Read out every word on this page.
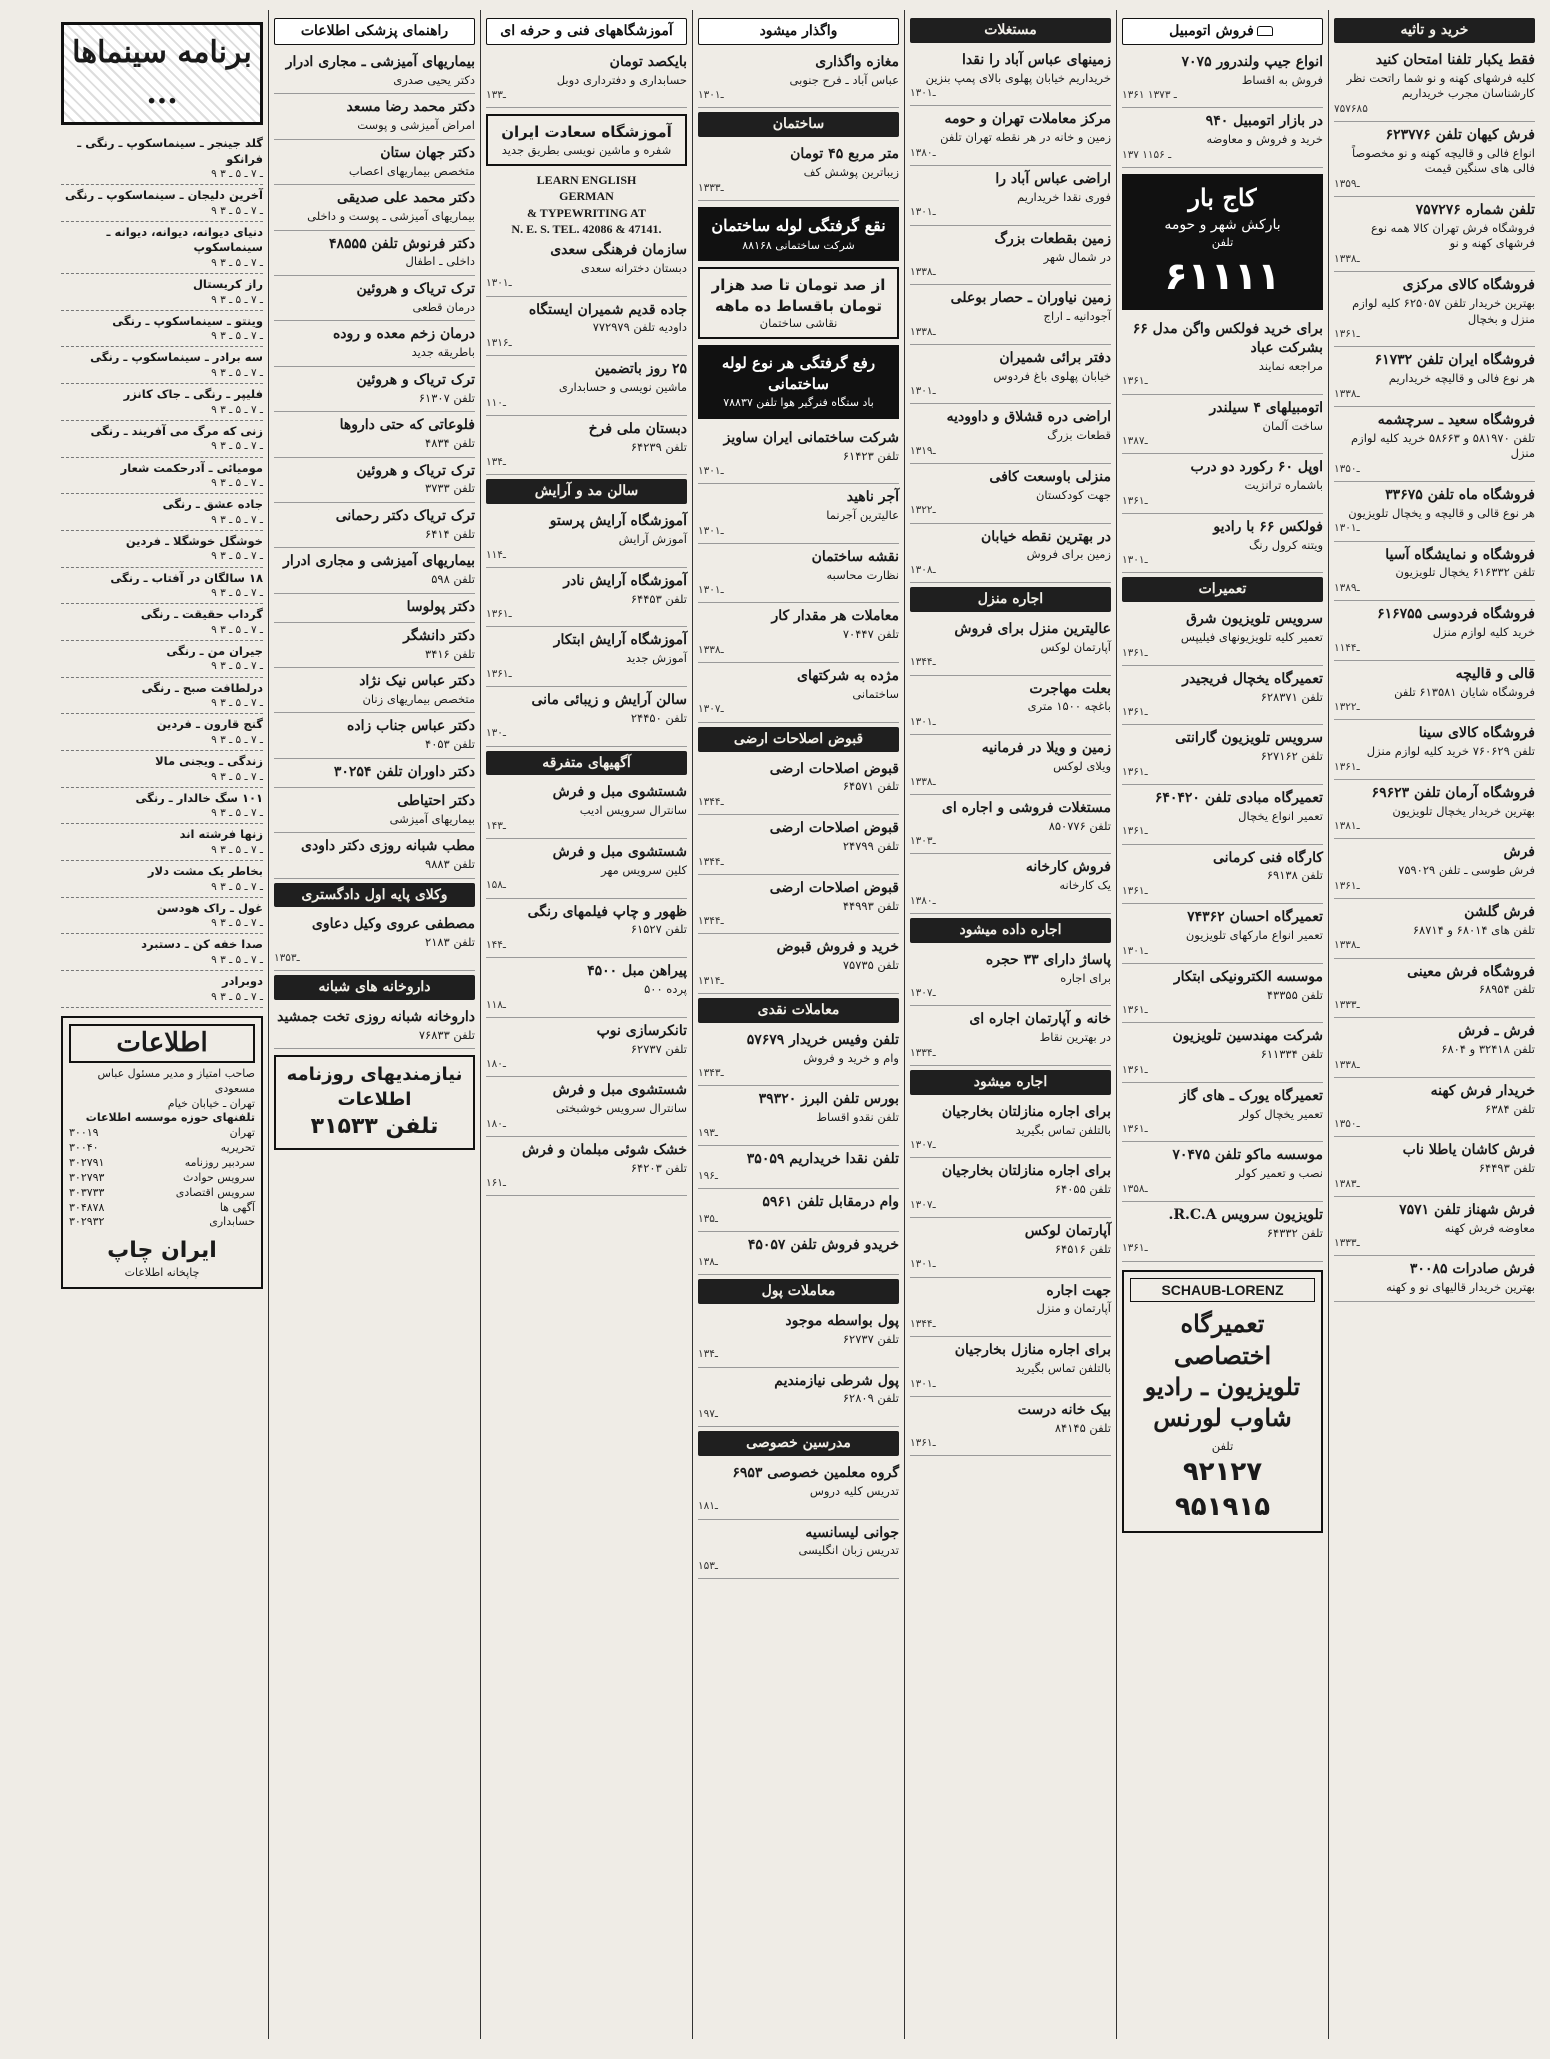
خرید و تاثیه
فقط یکبار تلفنا امتحان کنید
کلیه فرشهای کهنه و نو شما راتحت نظر کارشناسان مجرب خریداریم
۷۵۷۶۸۵
فرش کیهان تلفن ۶۲۳۷۷۶
انواع فالی و قالیچه کهنه و نو مخصوصاً فالی های سنگین قیمت
۱ـ۳۵۹
تلفن شماره ۷۵۷۲۷۶
فروشگاه فرش تهران کالا همه نوع فرشهای کهنه و نو
۱ـ۳۳۸
فروشگاه کالای مرکزی
بهترین خریدار تلفن ۶۲۵۰۵۷ کلیه لوازم منزل و بخچال
۱ـ۳۶۱
فروشگاه ایران تلفن ۶۱۷۳۲
هر نوع فالی و قالیچه خریداریم
۱ـ۳۳۸
فروشگاه سعید ـ سرچشمه
تلفن ۵۸۱۹۷۰ و ۵۸۶۶۳ خرید کلیه لوازم منزل
۱ـ۳۵۰
فروشگاه ماه تلفن ۳۳۶۷۵
هر نوع قالی و قالیچه و یخچال تلویزیون
۱ـ۳۰۱
فروشگاه و نمایشگاه آسیا
تلفن ۶۱۶۳۳۲ یخچال تلویزیون
۱ـ۳۸۹
فروشگاه فردوسی ۶۱۶۷۵۵
خرید کلیه لوازم منزل
۱ـ۱۴۴
قالی و قالیچه
فروشگاه شایان ۶۱۳۵۸۱ تلفن
۱ـ۳۲۲
فروشگاه کالای سینا
تلفن ۷۶۰۶۲۹ خرید کلیه لوازم منزل
۱ـ۳۶۱
فروشگاه آرمان تلفن ۶۹۶۲۳
بهترین خریدار یخچال تلویزیون
۱ـ۳۸۱
فرش
فرش طوسی ـ تلفن ۷۵۹۰۲۹
۱ـ۳۶۱
فرش گلشن
تلفن های ۶۸۰۱۴ و ۶۸۷۱۴
۱ـ۳۳۸
فروشگاه فرش معینی
تلفن ۶۸۹۵۴
۱ـ۳۳۳
فرش ـ فرش
تلفن ۳۲۴۱۸ و ۶۸۰۴
۱ـ۳۳۸
خریدار فرش کهنه
تلفن ۶۳۸۴
۱ـ۳۵۰
فرش کاشان یاطلا ناب
تلفن ۶۴۴۹۳
۱ـ۳۸۳
فرش شهناز تلفن ۷۵۷۱
معاوضه فرش کهنه
۱ـ۳۳۳
فرش صادرات ۳۰۰۸۵
بهترین خریدار قالیهای نو و کهنه
فروش اتومبیل
انواع جیپ ولندرور ۷۰۷۵
فروش به اقساط
۱۳۶۱ ـ ۱۳۷۳
در بازار اتومبیل ۹۴۰
خرید و فروش و معاوضه
۱۳۷ ـ ۱۱۵۶
کاج بار
بارکش شهر و حومه
تلفن
۶۱۱۱۱
برای خرید فولکس واگن مدل ۶۶ بشرکت عباد
مراجعه نمایند
۱ـ۳۶۱
اتومبیلهای ۴ سیلندر
ساخت آلمان
۱ـ۳۸۷
اوپل ۶۰ رکورد دو درب
باشماره ترانزیت
۱ـ۳۶۱
فولکس ۶۶ با رادیو
ویتنه کرول رنگ
۱ـ۳۰۱
تعمیرات
سرویس تلویزیون شرق
تعمیر کلیه تلویزیونهای فیلیپس
۱ـ۳۶۱
تعمیرگاه یخچال فریجیدر
تلفن ۶۲۸۳۷۱
۱ـ۳۶۱
سرویس تلویزیون گارانتی
تلفن ۶۲۷۱۶۲
۱ـ۳۶۱
تعمیرگاه مبادی تلفن ۶۴۰۴۲۰
تعمیر انواع یخچال
۱ـ۳۶۱
کارگاه فنی کرمانی
تلفن ۶۹۱۳۸
۱ـ۳۶۱
تعمیرگاه احسان ۷۴۳۶۲
تعمیر انواع مارکهای تلویزیون
۱ـ۳۰۱
موسسه الکترونیکی ابتکار
تلفن ۴۳۳۵۵
۱ـ۳۶۱
شرکت مهندسین تلویزیون
تلفن ۶۱۱۳۳۴
۱ـ۳۶۱
تعمیرگاه یورک ـ های گاز
تعمیر یخچال کولر
۱ـ۳۶۱
موسسه ماکو تلفن ۷۰۴۷۵
نصب و تعمیر کولر
۱ـ۳۵۸
تلویزیون سرویس R.C.A.
تلفن ۶۴۳۳۲
۱ـ۳۶۱
SCHAUB-LORENZ
تعمیرگاه اختصاصی تلویزیون ـ رادیو شاوب لورنس
تلفن
۹۲۱۲۷
۹۵۱۹۱۵
مستغلات
زمینهای عباس آباد را نقدا
خریداریم خیابان پهلوی بالای پمپ بنزین
۱ـ۳۰۱
مرکز معاملات تهران و حومه
زمین و خانه در هر نقطه تهران تلفن
۱ـ۳۸۰
اراضی عباس آباد را
فوری نقدا خریداریم
۱ـ۳۰۱
زمین بقطعات بزرگ
در شمال شهر
۱ـ۳۳۸
زمین نیاوران ـ حصار بوعلی
آجودانیه ـ اراج
۱ـ۳۳۸
دفتر برائی شمیران
خیابان پهلوی باغ فردوس
۱ـ۳۰۱
اراضی دره قشلاق و داوودیه
قطعات بزرگ
۱ـ۳۱۹
منزلی باوسعت کافی
جهت کودکستان
۱ـ۳۲۲
در بهترین نقطه خیابان
زمین برای فروش
۱ـ۳۰۸
اجاره منزل
عالیترین منزل برای فروش
آپارتمان لوکس
۱ـ۳۴۴
بعلت مهاجرت
باغچه ۱۵۰۰ متری
۱ـ۳۰۱
زمین و ویلا در فرمانیه
ویلای لوکس
۱ـ۳۳۸
مستغلات فروشی و اجاره ای
تلفن ۸۵۰۷۷۶
۱ـ۳۰۳
فروش کارخانه
یک کارخانه
۱ـ۳۸۰
اجاره داده میشود
پاساژ دارای ۳۳ حجره
برای اجاره
۱ـ۳۰۷
خانه و آپارتمان اجاره ای
در بهترین نقاط
۱ـ۳۳۴
اجاره میشود
برای اجاره منازلتان بخارجیان
بالتلفن تماس بگیرید
۱ـ۳۰۷
برای اجاره منازلتان بخارجیان
تلفن ۶۴۰۵۵
۱ـ۳۰۷
آپارتمان لوکس
تلفن ۶۴۵۱۶
۱ـ۳۰۱
جهت اجاره
آپارتمان و منزل
۱ـ۳۴۴
برای اجاره منازل بخارجیان
بالتلفن تماس بگیرید
۱ـ۳۰۱
بیک خانه درست
تلفن ۸۴۱۴۵
۱ـ۳۶۱
واگذار میشود
مغازه واگذاری
عباس آباد ـ فرح جنوبی
۱ـ۳۰۱
ساختمان
متر مربع ۴۵ تومان
زیباترین پوشش کف
۱ـ۳۳۳
نقع گرفتگی لوله ساختمان
شرکت ساختمانی ۸۸۱۶۸
از صد تومان تا صد هزار تومان باقساط ده ماهه
نقاشی ساختمان
رفع گرفتگی هر نوع لوله ساختمانی
باد ستگاه فنرگیر هوا تلفن ۷۸۸۳۷
شرکت ساختمانی ایران ساویز
تلفن ۶۱۴۲۳
۱ـ۳۰۱
آجر ناهید
عالیترین آجرنما
۱ـ۳۰۱
نقشه ساختمان
نظارت محاسبه
۱ـ۳۰۱
معاملات هر مقدار کار
تلفن ۷۰۴۴۷
۱ـ۳۳۸
مژده به شرکتهای
ساختمانی
۱ـ۳۰۷
قبوض اصلاحات ارضی
قبوض اصلاحات ارضی
تلفن ۶۴۵۷۱
۱ـ۳۴۴
قبوض اصلاحات ارضی
تلفن ۲۴۷۹۹
۱ـ۳۴۴
قبوض اصلاحات ارضی
تلفن ۴۴۹۹۳
۱ـ۳۴۴
خرید و فروش قبوض
تلفن ۷۵۷۳۵
۱ـ۳۱۴
معاملات نقدی
تلفن وفیس خریدار ۵۷۶۷۹
وام و خرید و فروش
۱ـ۳۴۳
بورس تلفن البرز ۳۹۳۲۰
تلفن نقدو اقساط
۱ـ۹۳
تلفن نقدا خریداریم ۳۵۰۵۹
۱ـ۹۶
وام درمقابل تلفن ۵۹۶۱
۱ـ۳۵
خریدو فروش تلفن ۴۵۰۵۷
۱ـ۳۸
معاملات پول
پول بواسطه موجود
تلفن ۶۲۷۳۷
۱ـ۳۴
پول شرطی نیازمندیم
تلفن ۶۲۸۰۹
۱ـ۹۷
مدرسین خصوصی
گروه معلمین خصوصی ۶۹۵۳
تدریس کلیه دروس
۱ـ۸۱
جوانی لیسانسیه
تدریس زبان انگلیسی
۱ـ۵۳
آموزشگاههای فنی و حرفه ای
بایکصد تومان
حسابداری و دفترداری دوبل
۱ـ۳۳
آموزشگاه سعادت ایران
شفره و ماشین نویسی بطریق جدید
LEARN ENGLISH
GERMAN
& TYPEWRITING AT
N. E. S. TEL. 42086 & 47141.
سازمان فرهنگی سعدی
دبستان دخترانه سعدی
۱ـ۳۰۱
جاده قدیم شمیران ایستگاه
داودیه تلفن ۷۷۲۹۷۹
۱ـ۳۱۶
۲۵ روز باتضمین
ماشین نویسی و حسابداری
۱ـ۱۰
دبستان ملی فرخ
تلفن ۶۴۲۳۹
۱ـ۳۴
سالن مد و آرایش
آموزشگاه آرایش پرستو
آموزش آرایش
۱ـ۱۴
آموزشگاه آرایش نادر
تلفن ۶۴۴۵۳
۱ـ۳۶۱
آموزشگاه آرایش ابتکار
آموزش جدید
۱ـ۳۶۱
سالن آرایش و زیبائی مانی
تلفن ۲۴۴۵۰
۱ـ۳۰
آگهیهای متفرقه
شستشوی مبل و فرش
سانترال سرویس ادیب
۱ـ۴۳
شستشوی مبل و فرش
کلین سرویس مهر
۱ـ۵۸
ظهور و چاپ فیلمهای رنگی
تلفن ۶۱۵۲۷
۱ـ۴۴
پیراهن مبل ۴۵۰۰
پرده ۵۰۰
۱ـ۱۸
تانکرسازی نوپ
تلفن ۶۲۷۳۷
۱ـ۸۰
شستشوی مبل و فرش
سانترال سرویس خوشبختی
۱ـ۸۰
خشک شوئی مبلمان و فرش
تلفن ۶۴۲۰۳
۱ـ۶۱
راهنمای پزشکی اطلاعات
بیماریهای آمیزشی ـ مجاری ادرار
دکتر یحیی صدری
دکتر محمد رضا مسعد
امراض آمیزشی و پوست
دکتر جهان ستان
متخصص بیماریهای اعصاب
دکتر محمد علی صدیقی
بیماریهای آمیزشی ـ پوست و داخلی
دکتر فرنوش تلفن ۴۸۵۵۵
داخلی ـ اطفال
ترک تریاک و هروئین
درمان قطعی
درمان زخم معده و روده
باطریقه جدید
ترک تریاک و هروئین
تلفن ۶۱۳۰۷
فلوعاتی که حتی داروها
تلفن ۴۸۳۴
ترک تریاک و هروئین
تلفن ۳۷۳۳
ترک تریاک دکتر رحمانی
تلفن ۶۴۱۴
بیماریهای آمیزشی و مجاری ادرار
تلفن ۵۹۸
دکتر پولوسا
دکتر دانشگر
تلفن ۳۴۱۶
دکتر عباس نیک نژاد
متخصص بیماریهای زنان
دکتر عباس جناب زاده
تلفن ۴۰۵۳
دکتر داوران تلفن ۳۰۲۵۴
دکتر احتیاطی
بیماریهای آمیزشی
مطب شبانه روزی دکتر داودی
تلفن ۹۸۸۳
وکلای پایه اول دادگستری
مصطفی عروی وکیل دعاوی
تلفن ۲۱۸۳
۱ـ۳۵۳
داروخانه های شبانه
داروخانه شبانه روزی تخت جمشید
تلفن ۷۶۸۳۳
نیازمندیهای روزنامه اطلاعات
تلفن ۳۱۵۳۳
برنامه سینماها ...
گلد جینجر ـ سینماسکوپ ـ رنگی ـ فرانکو
۹ ـ ۷ ـ ۵ ـ ۳
آخرین دلیجان ـ سینماسکوپ ـ رنگی
۹ ـ ۷ ـ ۵ ـ ۳
دنیای دیوانه، دیوانه، دیوانه ـ سینماسکوپ
۹ ـ ۷ ـ ۵ ـ ۳
راز کریستال
۹ ـ ۷ ـ ۵ ـ ۳
وینتو ـ سینماسکوپ ـ رنگی
۹ ـ ۷ ـ ۵ ـ ۳
سه برادر ـ سینماسکوپ ـ رنگی
۹ ـ ۷ ـ ۵ ـ ۳
فلیپر ـ رنگی ـ جاک کانزر
۹ ـ ۷ ـ ۵ ـ ۳
زنی که مرگ می آفریند ـ رنگی
۹ ـ ۷ ـ ۵ ـ ۳
مومیائی ـ آدرحکمت شعار
۹ ـ ۷ ـ ۵ ـ ۳
جاده عشق ـ رنگی
۹ ـ ۷ ـ ۵ ـ ۳
خوشگل خوشگلا ـ فردین
۹ ـ ۷ ـ ۵ ـ ۳
۱۸ سالگان در آفتاب ـ رنگی
۹ ـ ۷ ـ ۵ ـ ۳
گرداب حقیقت ـ رنگی
۹ ـ ۷ ـ ۵ ـ ۳
جیران من ـ رنگی
۹ ـ ۷ ـ ۵ ـ ۳
درلطافت صبح ـ رنگی
۹ ـ ۷ ـ ۵ ـ ۳
گنج قارون ـ فردین
۹ ـ ۷ ـ ۵ ـ ۳
زندگی ـ ویجنی مالا
۹ ـ ۷ ـ ۵ ـ ۳
۱۰۱ سگ خالدار ـ رنگی
۹ ـ ۷ ـ ۵ ـ ۳
زنها فرشته اند
۹ ـ ۷ ـ ۵ ـ ۳
بخاطر یک مشت دلار
۹ ـ ۷ ـ ۵ ـ ۳
غول ـ راک هودسن
۹ ـ ۷ ـ ۵ ـ ۳
صدا خفه کن ـ دستبرد
۹ ـ ۷ ـ ۵ ـ ۳
دوبرادر
۹ ـ ۷ ـ ۵ ـ ۳
اطلاعات
صاحب امتیاز و مدیر مسئول عباس مسعودی
تهران ـ خیابان خیام
تلفنهای حوزه موسسه اطلاعات
تهران
۳۰۰۱۹
تحریریه
۳۰۰۴۰
سردبیر روزنامه
۳۰۲۷۹۱
سرویس حوادث
۳۰۲۷۹۳
سرویس اقتصادی
۳۰۳۷۳۳
آگهی ها
۳۰۴۸۷۸
حسابداری
۳۰۲۹۳۲
ایران چاپ
چاپخانه اطلاعات
